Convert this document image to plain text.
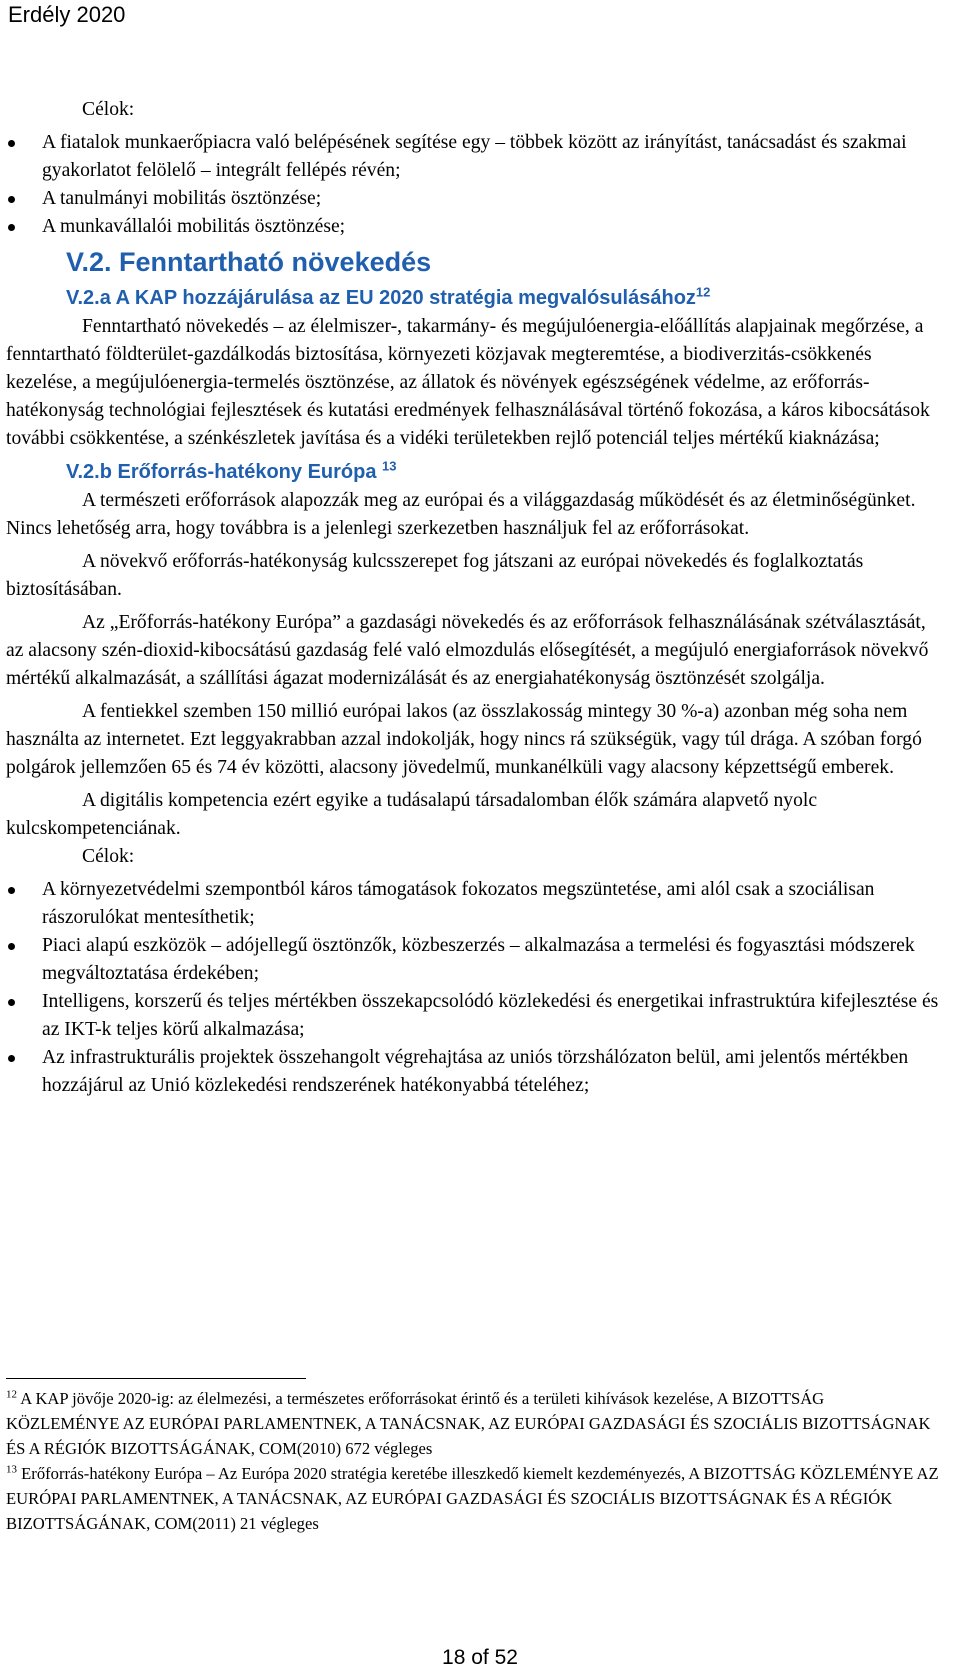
Erdély 2020

Célok:

A fiatalok munkaerőpiacra való belépésének segítése egy – többek között az irányítást, tanácsadást és szakmai gyakorlatot felölelő – integrált fellépés révén;
A tanulmányi mobilitás ösztönzése;
A munkavállalói mobilitás ösztönzése;
V.2. Fenntartható növekedés
V.2.a A KAP hozzájárulása az EU 2020 stratégia megvalósulásához$^{12}$

Fenntartható növekedés – az élelmiszer-, takarmány- és megújulóenergia-előállítás alapjainak megőrzése, a fenntartható földterület-gazdálkodás biztosítása, környezeti közjavak megteremtése, a biodiverzitás-csökkenés kezelése, a megújulóenergia-termelés ösztönzése, az állatok és növények egészségének védelme, az erőforrás-hatékonyság technológiai fejlesztések és kutatási eredmények felhasználásával történő fokozása, a káros kibocsátások további csökkentése, a szénkészletek javítása és a vidéki területekben rejlő potenciál teljes mértékű kiaknázása;

V.2.b Erőforrás-hatékony Európa $^{13}$

A természeti erőforrások alapozzák meg az európai és a világgazdaság működését és az életminőségünket. Nincs lehetőség arra, hogy továbbra is a jelenlegi szerkezetben használjuk fel az erőforrásokat.

A növekvő erőforrás-hatékonyság kulcsszerepet fog játszani az európai növekedés és foglalkoztatás biztosításában.

Az „Erőforrás-hatékony Európa” a gazdasági növekedés és az erőforrások felhasználásának szétválasztását, az alacsony szén-dioxid-kibocsátású gazdaság felé való elmozdulás elősegítését, a megújuló energiaforrások növekvő mértékű alkalmazását, a szállítási ágazat modernizálását és az energiahatékonyság ösztönzését szolgálja.

A fentiekkel szemben 150 millió európai lakos (az összlakosság mintegy 30 %-a) azonban még soha nem használta az internetet. Ezt leggyakrabban azzal indokolják, hogy nincs rá szükségük, vagy túl drága. A szóban forgó polgárok jellemzően 65 és 74 év közötti, alacsony jövedelmű, munkanélküli vagy alacsony képzettségű emberek.

A digitális kompetencia ezért egyike a tudásalapú társadalomban élők számára alapvető nyolc kulcskompetenciának.

Célok:

A környezetvédelmi szempontból káros támogatások fokozatos megszüntetése, ami alól csak a szociálisan rászorulókat mentesíthetik;
Piaci alapú eszközök – adójellegű ösztönzők, közbeszerzés – alkalmazása a termelési és fogyasztási módszerek megváltoztatása érdekében;
Intelligens, korszerű és teljes mértékben összekapcsolódó közlekedési és energetikai infrastruktúra kifejlesztése és az IKT-k teljes körű alkalmazása;
Az infrastrukturális projektek összehangolt végrehajtása az uniós törzshálózaton belül, ami jelentős mértékben hozzájárul az Unió közlekedési rendszerének hatékonyabbá tételéhez;

$^{12}$ A KAP jövője 2020-ig: az élelmezési, a természetes erőforrásokat érintő és a területi kihívások kezelése, A BIZOTTSÁG KÖZLEMÉNYE AZ EURÓPAI PARLAMENTNEK, A TANÁCSNAK, AZ EURÓPAI GAZDASÁGI ÉS SZOCIÁLIS BIZOTTSÁGNAK ÉS A RÉGIÓK BIZOTTSÁGÁNAK, COM(2010) 672 végleges

$^{13}$ Erőforrás-hatékony Európa – Az Európa 2020 stratégia keretébe illeszkedő kiemelt kezdeményezés, A BIZOTTSÁG KÖZLEMÉNYE AZ EURÓPAI PARLAMENTNEK, A TANÁCSNAK, AZ EURÓPAI GAZDASÁGI ÉS SZOCIÁLIS BIZOTTSÁGNAK ÉS A RÉGIÓK BIZOTTSÁGÁNAK, COM(2011) 21 végleges

18 of 52
